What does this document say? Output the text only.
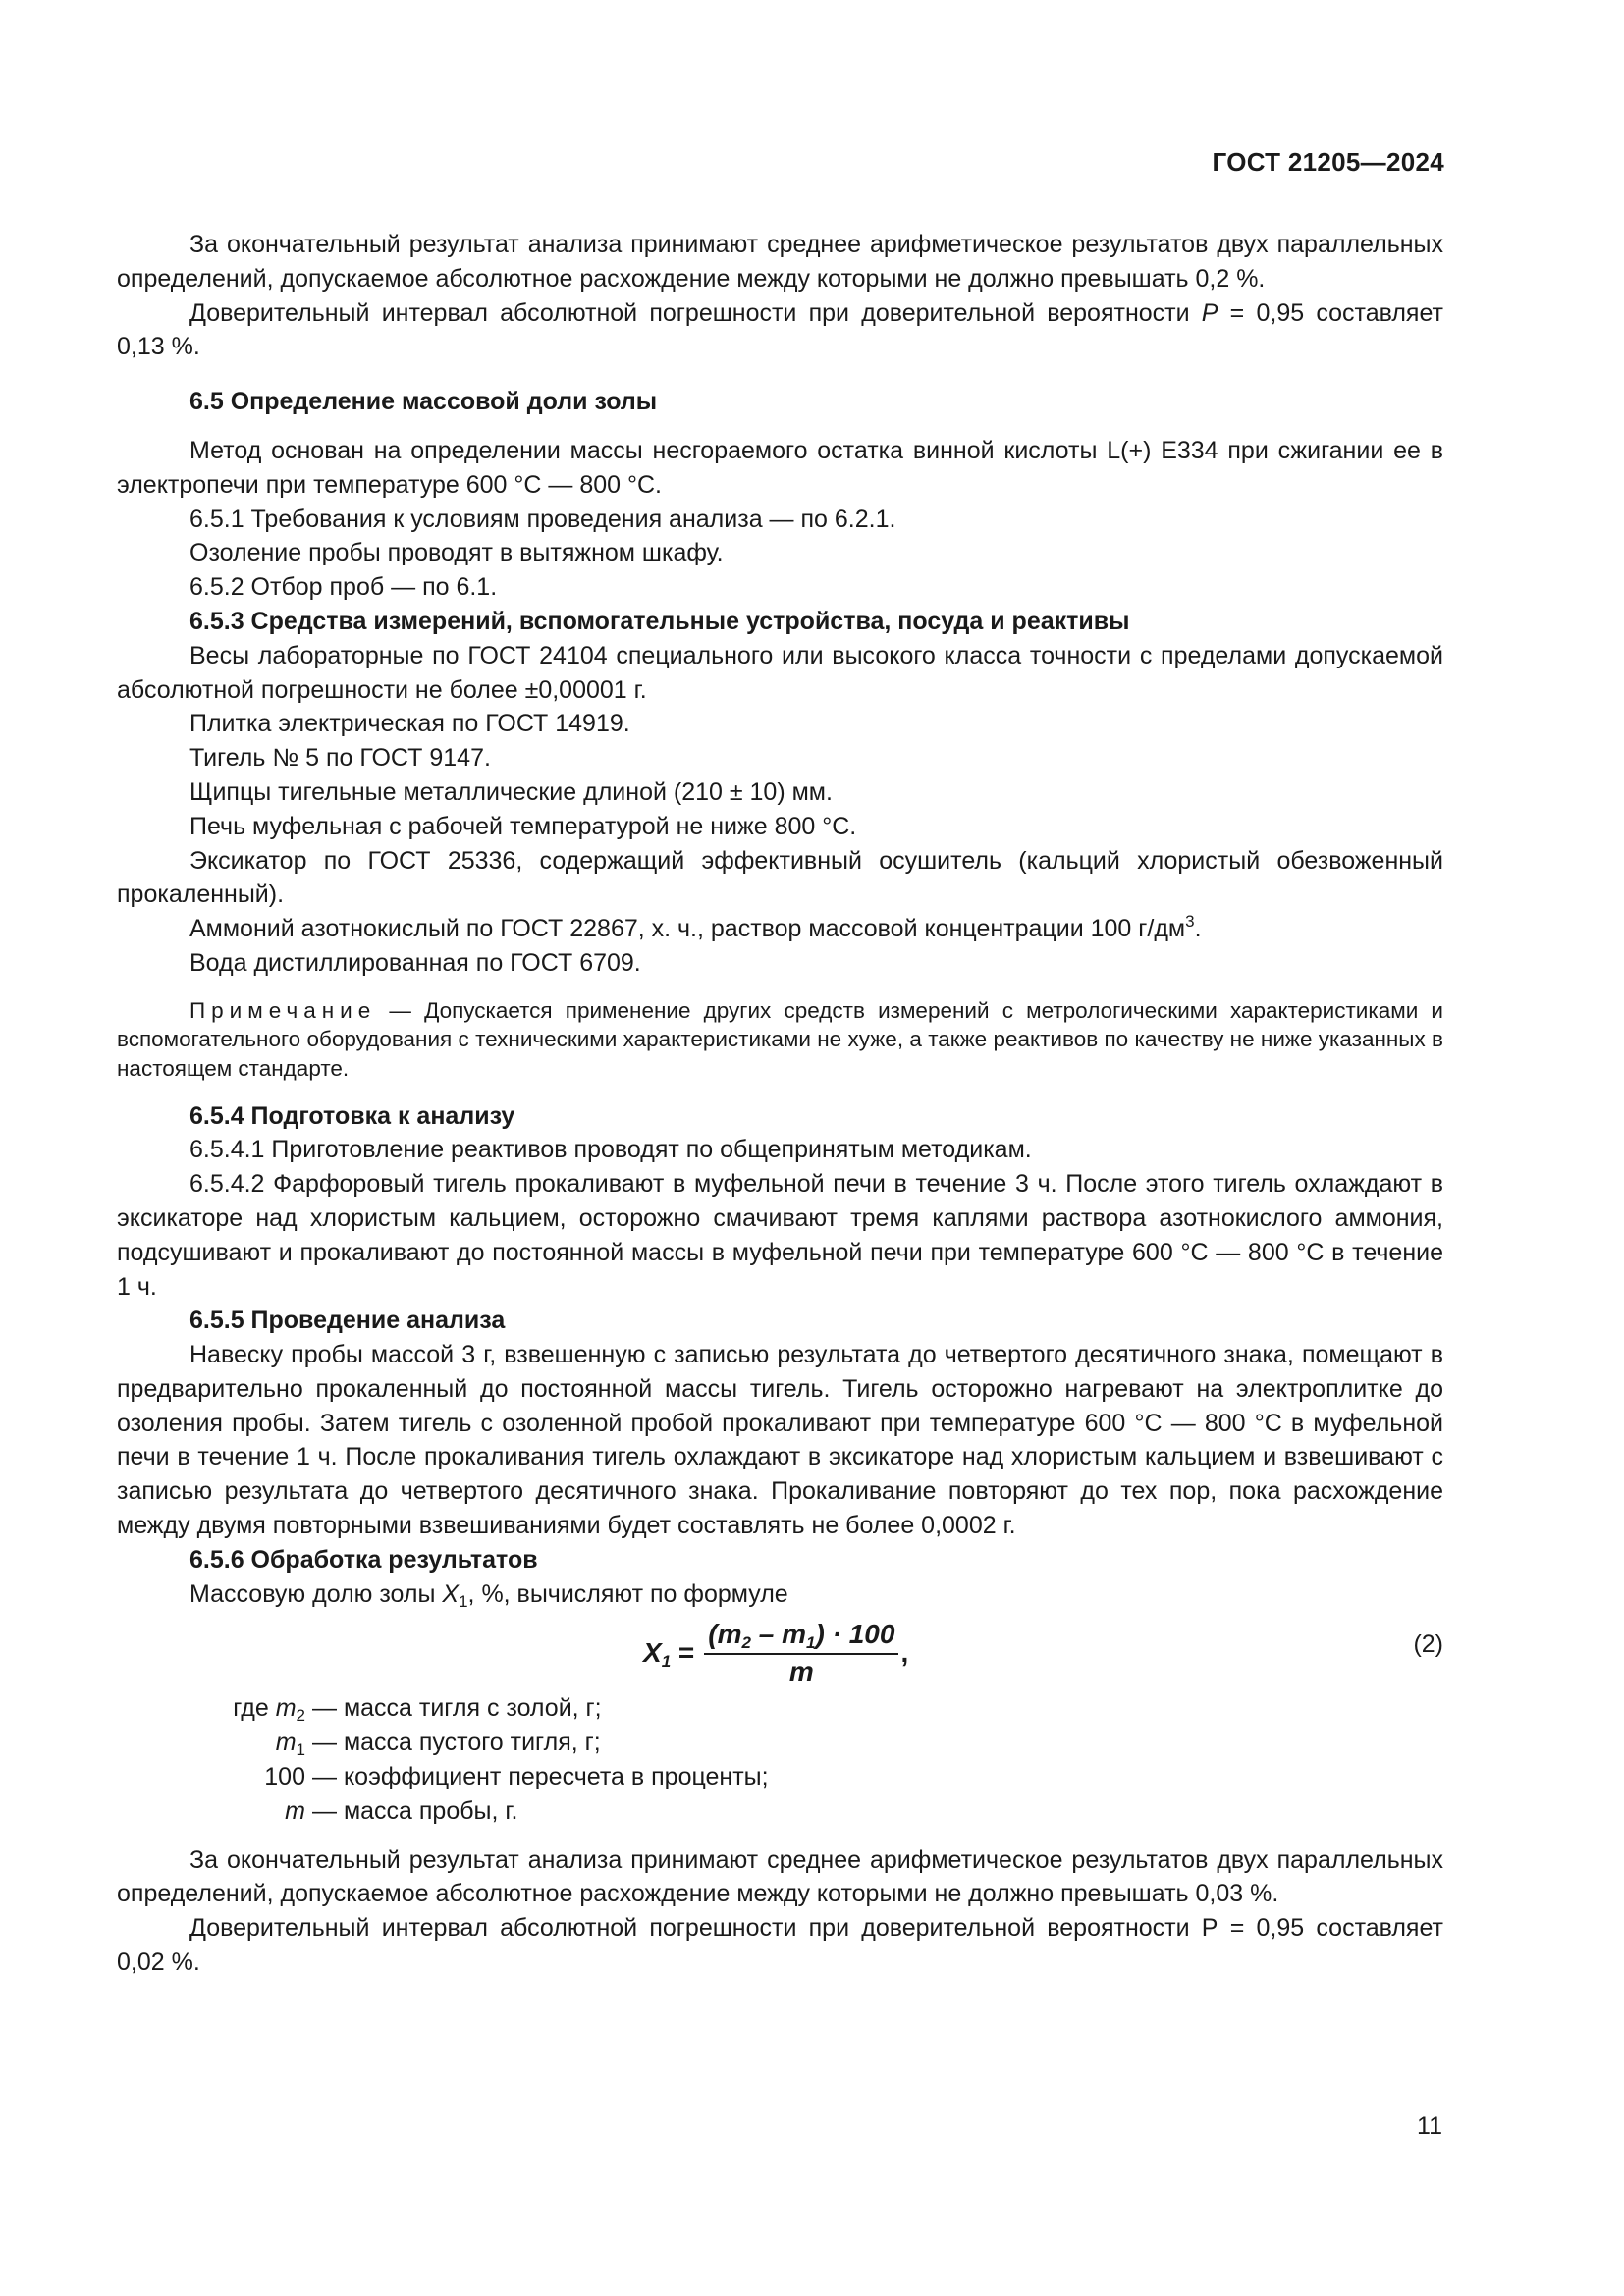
ГОСТ 21205—2024

За окончательный результат анализа принимают среднее арифметическое результатов двух параллельных определений, допускаемое абсолютное расхождение между которыми не должно превышать 0,2 %.

Доверительный интервал абсолютной погрешности при доверительной вероятности P = 0,95 составляет 0,13 %.

6.5 Определение массовой доли золы

Метод основан на определении массы несгораемого остатка винной кислоты L(+) Е334 при сжигании ее в электропечи при температуре 600 °C — 800 °C.

6.5.1 Требования к условиям проведения анализа — по 6.2.1.

Озоление пробы проводят в вытяжном шкафу.

6.5.2 Отбор проб — по 6.1.

6.5.3 Средства измерений, вспомогательные устройства, посуда и реактивы

Весы лабораторные по ГОСТ 24104 специального или высокого класса точности с пределами допускаемой абсолютной погрешности не более ±0,00001 г.

Плитка электрическая по ГОСТ 14919.

Тигель № 5 по ГОСТ 9147.

Щипцы тигельные металлические длиной (210 ± 10) мм.

Печь муфельная с рабочей температурой не ниже 800 °C.

Эксикатор по ГОСТ 25336, содержащий эффективный осушитель (кальций хлористый обезвоженный прокаленный).

Аммоний азотнокислый по ГОСТ 22867, х. ч., раствор массовой концентрации 100 $г/дм^3$.

Вода дистиллированная по ГОСТ 6709.

Примечание — Допускается применение других средств измерений с метрологическими характеристиками и вспомогательного оборудования с техническими характеристиками не хуже, а также реактивов по качеству не ниже указанных в настоящем стандарте.

6.5.4 Подготовка к анализу

6.5.4.1 Приготовление реактивов проводят по общепринятым методикам.

6.5.4.2 Фарфоровый тигель прокаливают в муфельной печи в течение 3 ч. После этого тигель охлаждают в эксикаторе над хлористым кальцием, осторожно смачивают тремя каплями раствора азотнокислого аммония, подсушивают и прокаливают до постоянной массы в муфельной печи при температуре 600 °C — 800 °C в течение 1 ч.

6.5.5 Проведение анализа

Навеску пробы массой 3 г, взвешенную с записью результата до четвертого десятичного знака, помещают в предварительно прокаленный до постоянной массы тигель. Тигель осторожно нагревают на электроплитке до озоления пробы. Затем тигель с озоленной пробой прокаливают при температуре 600 °C — 800 °C в муфельной печи в течение 1 ч. После прокаливания тигель охлаждают в эксикаторе над хлористым кальцием и взвешивают с записью результата до четвертого десятичного знака. Прокаливание повторяют до тех пор, пока расхождение между двумя повторными взвешиваниями будет составлять не более 0,0002 г.

6.5.6 Обработка результатов

Массовую долю золы $X_1$, %, вычисляют по формуле

$X_1 = \frac{(m_2 - m_1) \cdot 100}{m}$ ,	(2)
где $m_2$ — масса тигля с золой, г;
$m_1$ — масса пустого тигля, г;
100 — коэффициент пересчета в проценты;
m — масса пробы, г.

За окончательный результат анализа принимают среднее арифметическое результатов двух параллельных определений, допускаемое абсолютное расхождение между которыми не должно превышать 0,03 %.

Доверительный интервал абсолютной погрешности при доверительной вероятности Р = 0,95 составляет 0,02 %.

11
